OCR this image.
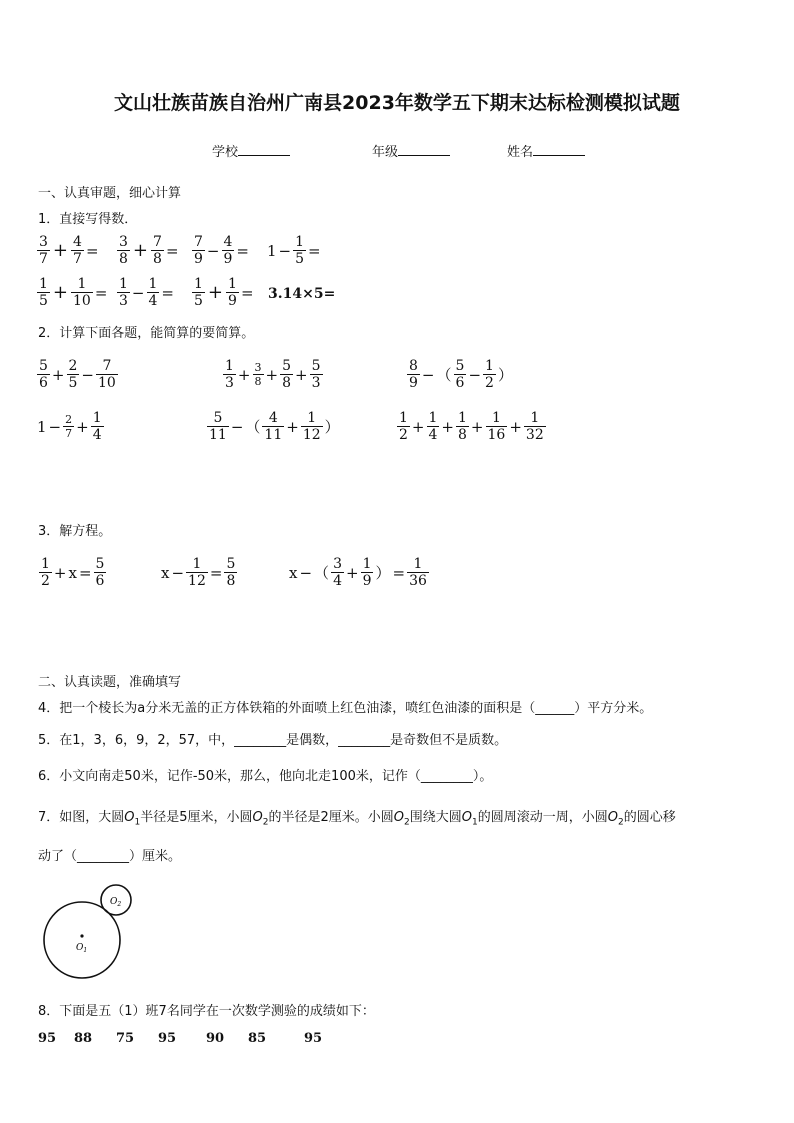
文山壮族苗族自治州广南县2023年数学五下期末达标检测模拟试题
学校	年级	姓名
一、认真审题，细心计算
1．直接写得数．
$\frac{3}{7} + \frac{4}{7} = \frac{3}{8} + \frac{7}{8} = \frac{7}{9} - \frac{4}{9} = 1 - \frac{1}{5}$ =
$\frac{1}{5} + \frac{1}{10} = \frac{1}{3} - \frac{1}{4} = \frac{1}{5} + \frac{1}{9} = 3.14\times 5=$
2．计算下面各题，能简算的要简算。
$\frac{5}{6} + \frac{2}{5} - \frac{7}{10}$	$\frac{1}{3} + \frac{3}{8} + \frac{5}{8} + \frac{5}{3}$	$\frac{8}{9}$ − （ $\frac{5}{6} - \frac{1}{2}$ ）
$1 - \frac{2}{7} + \frac{1}{4}$	$\frac{5}{11}$ − （ $\frac{4}{11} + \frac{1}{12}$ ）	$\frac{1}{2} + \frac{1}{4} + \frac{1}{8} + \frac{1}{16} + \frac{1}{32}$
3．解方程。
$\frac{1}{2} + x = \frac{5}{6}$	$x - \frac{1}{12} = \frac{5}{8}$	x − （ $\frac{3}{4} + \frac{1}{9}$ ） = $\frac{1}{36}$
二、认真读题，准确填写
4．把一个棱长为a分米无盖的正方体铁箱的外面喷上红色油漆，喷红色油漆的面积是（______）平方分米。
5．在1，3，6，9，2，57，中，________是偶数，________是奇数但不是质数。
6．小文向南走50米，记作-50米，那么，他向北走100米，记作（________）。
7．如图，大圆$O_1$半径是5厘米，小圆$O_2$的半径是2厘米。小圆$O_2$围绕大圆$O_1$的圆周滚动一周，小圆$O_2$的圆心移
动了（________）厘米。
$O_1$
$O_2$
8．下面是五（1）班7名同学在一次数学测验的成绩如下：
95 88 75 95 90 85	95
